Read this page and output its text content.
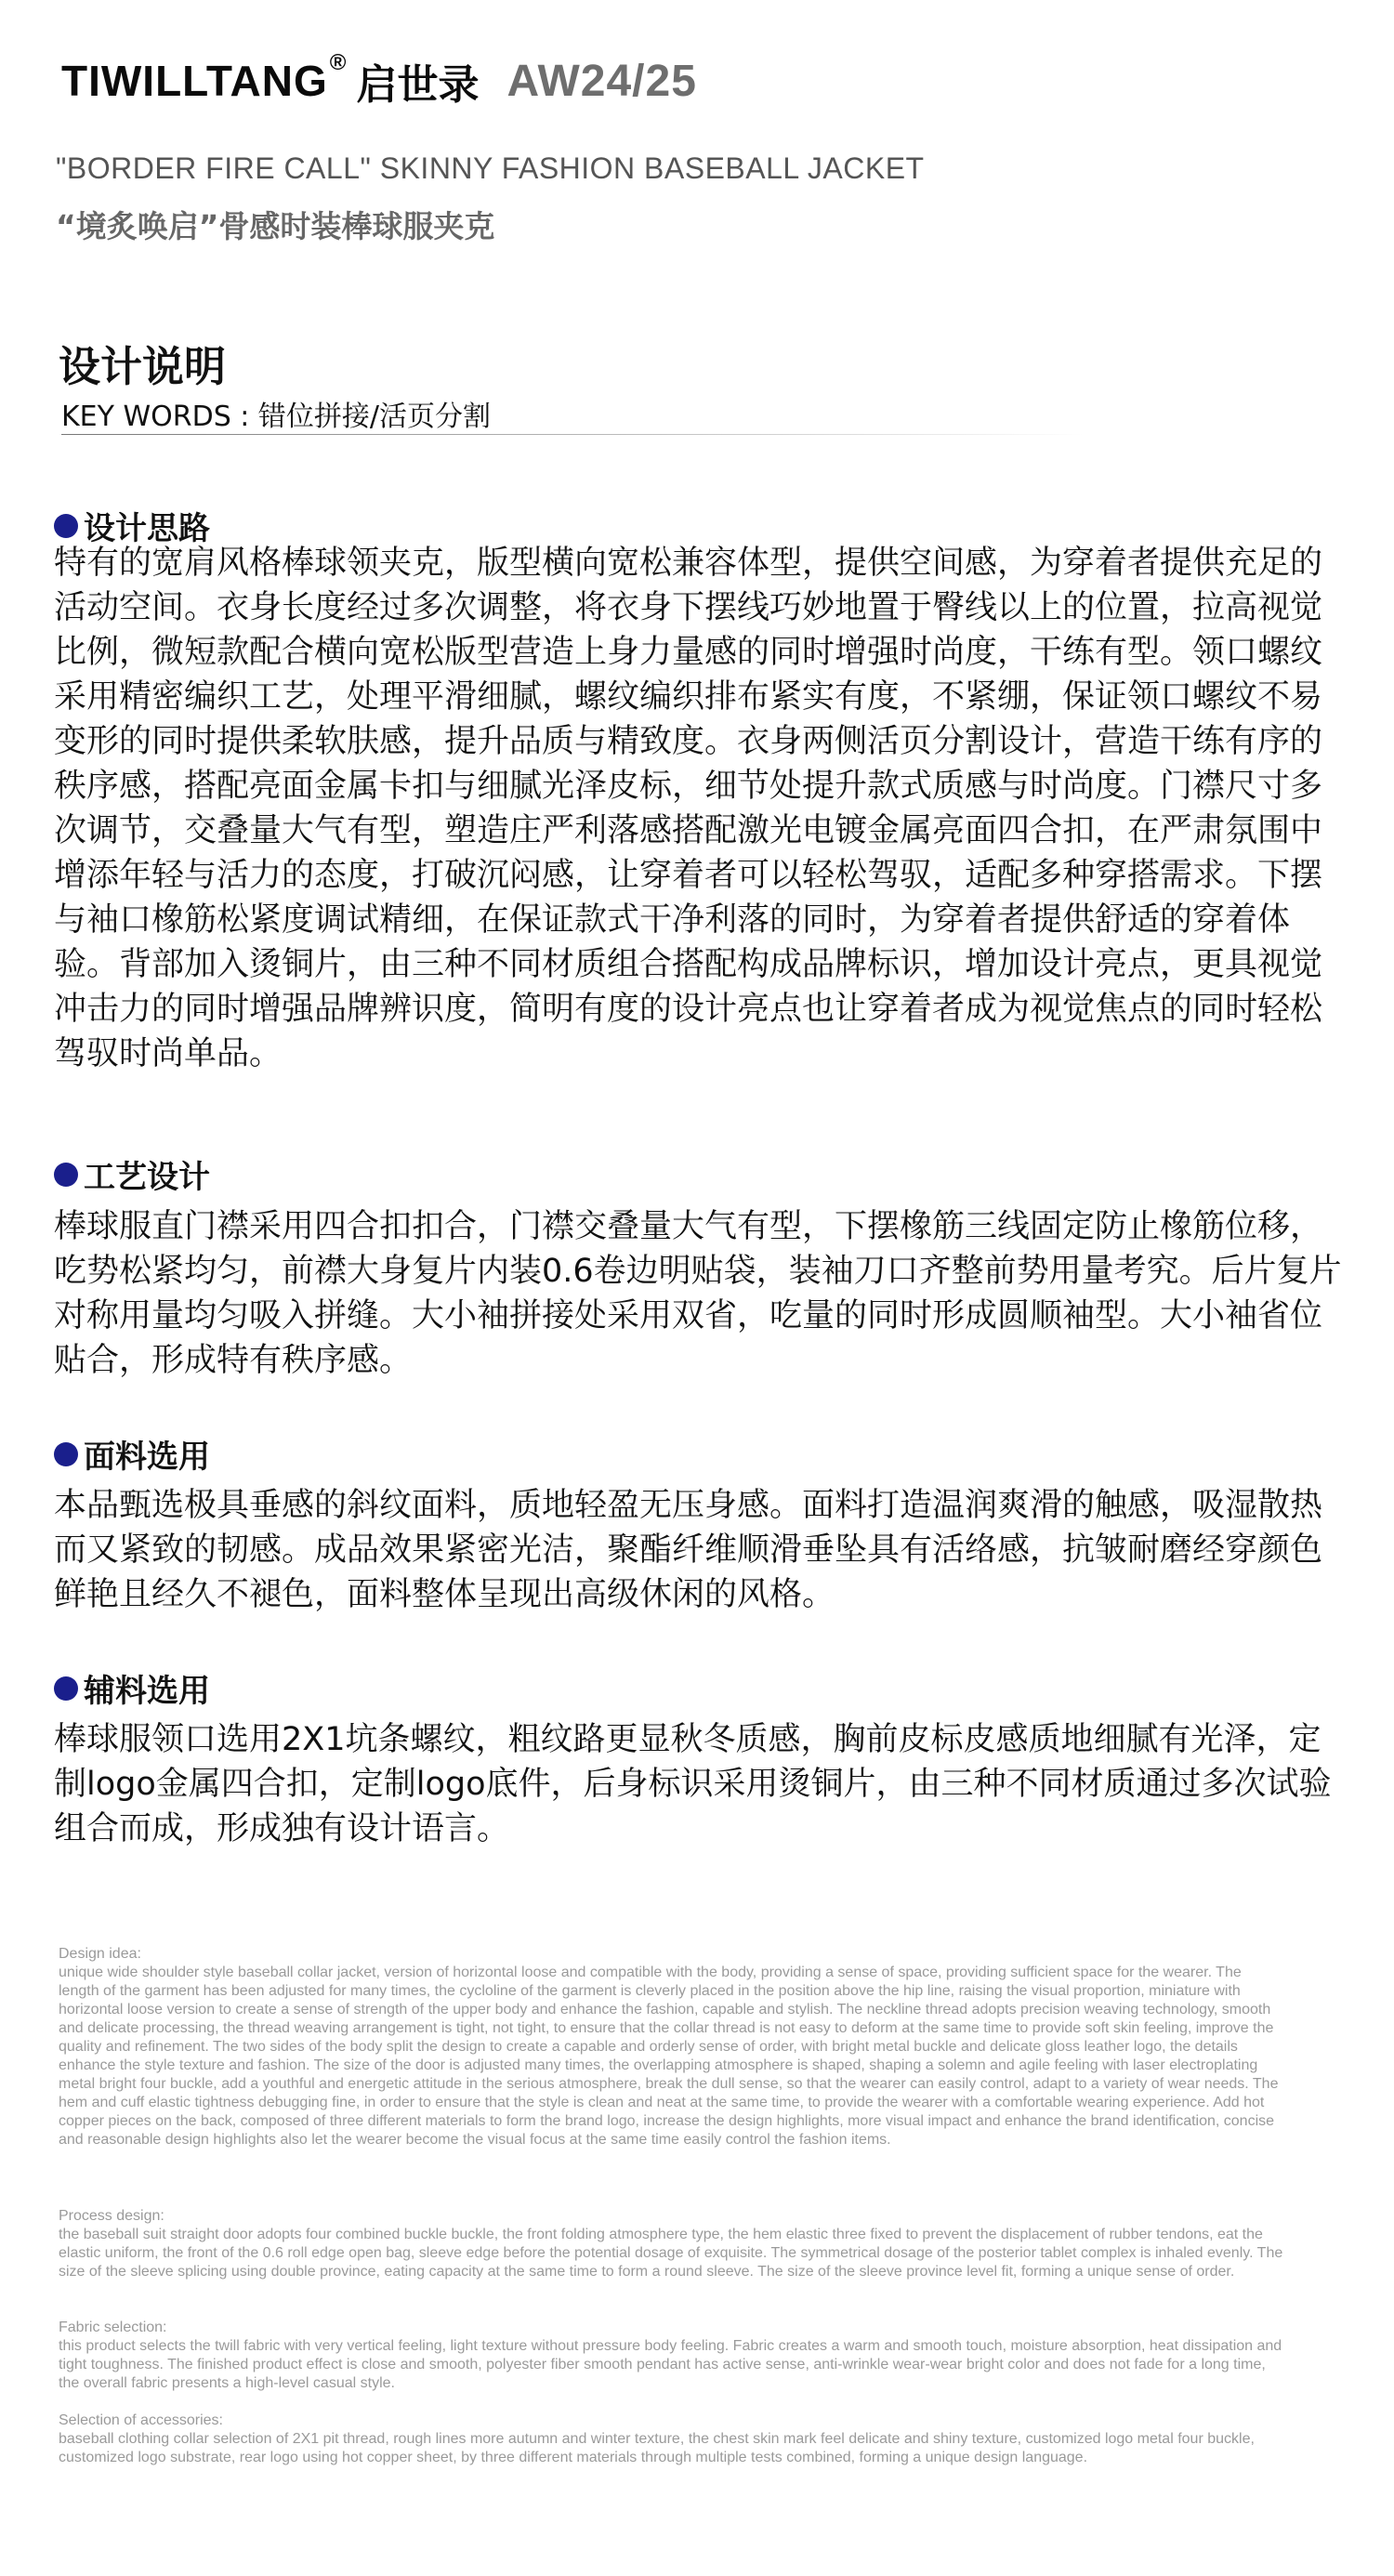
TIWILLTANG® 启世录 AW24/25
"BORDER FIRE CALL" SKINNY FASHION BASEBALL JACKET
“境炙唤启”骨感时装棒球服夹克
设计说明
KEY WORDS : 错位拼接/活页分割
设计思路
特有的宽肩风格棒球领夹克，版型横向宽松兼容体型，提供空间感，为穿着者提供充足的活动空间。衣身长度经过多次调整，将衣身下摆线巧妙地置于臀线以上的位置，拉高视觉比例，微短款配合横向宽松版型营造上身力量感的同时增强时尚度，干练有型。领口螺纹采用精密编织工艺，处理平滑细腻，螺纹编织排布紧实有度，不紧绷，保证领口螺纹不易变形的同时提供柔软肤感，提升品质与精致度。衣身两侧活页分割设计，营造干练有序的秩序感，搭配亮面金属卡扣与细腻光泽皮标，细节处提升款式质感与时尚度。门襟尺寸多次调节，交叠量大气有型，塑造庄严利落感搭配激光电镀金属亮面四合扣，在严肃氛围中增添年轻与活力的态度，打破沉闷感，让穿着者可以轻松驾驭，适配多种穿搭需求。下摆与袖口橡筋松紧度调试精细，在保证款式干净利落的同时，为穿着者提供舒适的穿着体验。背部加入烫铜片，由三种不同材质组合搭配构成品牌标识，增加设计亮点，更具视觉冲击力的同时增强品牌辨识度，简明有度的设计亮点也让穿着者成为视觉焦点的同时轻松驾驭时尚单品。
工艺设计
棒球服直门襟采用四合扣扣合，门襟交叠量大气有型，下摆橡筋三线固定防止橡筋位移，吃势松紧均匀，前襟大身复片内装0.6卷边明贴袋，装袖刀口齐整前势用量考究。后片复片对称用量均匀吸入拼缝。大小袖拼接处采用双省，吃量的同时形成圆顺袖型。大小袖省位贴合，形成特有秩序感。
面料选用
本品甄选极具垂感的斜纹面料，质地轻盈无压身感。面料打造温润爽滑的触感，吸湿散热而又紧致的韧感。成品效果紧密光洁，聚酯纤维顺滑垂坠具有活络感，抗皱耐磨经穿颜色鲜艳且经久不褪色，面料整体呈现出高级休闲的风格。
辅料选用
棒球服领口选用2X1坑条螺纹，粗纹路更显秋冬质感，胸前皮标皮感质地细腻有光泽，定制logo金属四合扣，定制logo底件，后身标识采用烫铜片，由三种不同材质通过多次试验组合而成，形成独有设计语言。
Design idea:
unique wide shoulder style baseball collar jacket, version of horizontal loose and compatible with the body, providing a sense of space, providing sufficient space for the wearer. The length of the garment has been adjusted for many times, the cycloline of the garment is cleverly placed in the position above the hip line, raising the visual proportion, miniature with horizontal loose version to create a sense of strength of the upper body and enhance the fashion, capable and stylish. The neckline thread adopts precision weaving technology, smooth and delicate processing, the thread weaving arrangement is tight, not tight, to ensure that the collar thread is not easy to deform at the same time to provide soft skin feeling, improve the quality and refinement. The two sides of the body split the design to create a capable and orderly sense of order, with bright metal buckle and delicate gloss leather logo, the details enhance the style texture and fashion. The size of the door is adjusted many times, the overlapping atmosphere is shaped, shaping a solemn and agile feeling with laser electroplating metal bright four buckle, add a youthful and energetic attitude in the serious atmosphere, break the dull sense, so that the wearer can easily control, adapt to a variety of wear needs. The hem and cuff elastic tightness debugging fine, in order to ensure that the style is clean and neat at the same time, to provide the wearer with a comfortable wearing experience. Add hot copper pieces on the back, composed of three different materials to form the brand logo, increase the design highlights, more visual impact and enhance the brand identification, concise and reasonable design highlights also let the wearer become the visual focus at the same time easily control the fashion items.
Process design:
the baseball suit straight door adopts four combined buckle buckle, the front folding atmosphere type, the hem elastic three fixed to prevent the displacement of rubber tendons, eat the elastic uniform, the front of the 0.6 roll edge open bag, sleeve edge before the potential dosage of exquisite. The symmetrical dosage of the posterior tablet complex is inhaled evenly. The size of the sleeve splicing using double province, eating capacity at the same time to form a round sleeve. The size of the sleeve province level fit, forming a unique sense of order.
Fabric selection:
this product selects the twill fabric with very vertical feeling, light texture without pressure body feeling. Fabric creates a warm and smooth touch, moisture absorption, heat dissipation and tight toughness. The finished product effect is close and smooth, polyester fiber smooth pendant has active sense, anti-wrinkle wear-wear bright color and does not fade for a long time, the overall fabric presents a high-level casual style.
Selection of accessories:
baseball clothing collar selection of 2X1 pit thread, rough lines more autumn and winter texture, the chest skin mark feel delicate and shiny texture, customized logo metal four buckle, customized logo substrate, rear logo using hot copper sheet, by three different materials through multiple tests combined, forming a unique design language.
